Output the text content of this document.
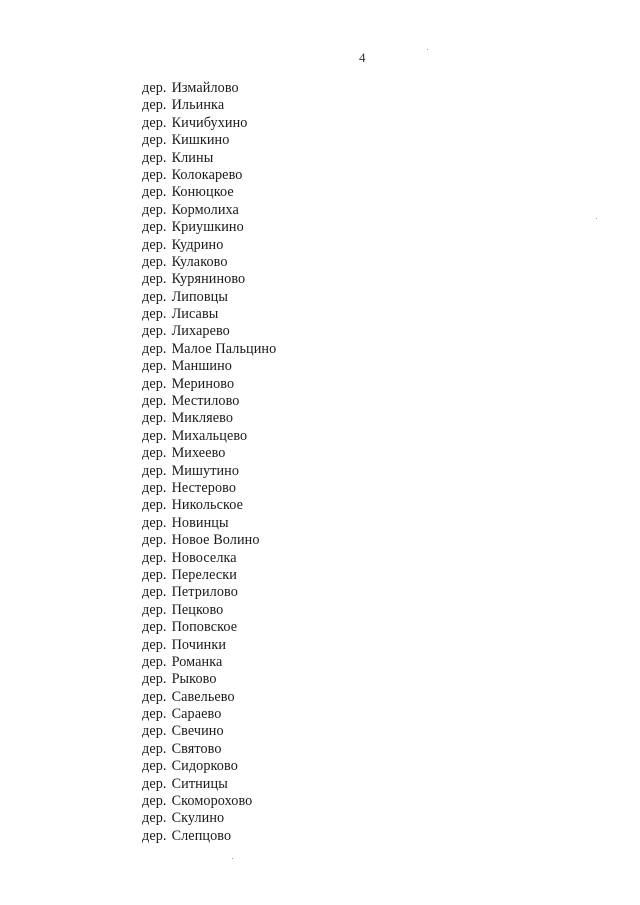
4
дер. Измайлово
дер. Ильинка
дер. Кичибухино
дер. Кишкино
дер. Клины
дер. Колокарево
дер. Конюцкое
дер. Кормолиха
дер. Криушкино
дер. Кудрино
дер. Кулаково
дер. Куряниново
дер. Липовцы
дер. Лисавы
дер. Лихарево
дер. Малое Пальцино
дер. Маншино
дер. Мериново
дер. Местилово
дер. Микляево
дер. Михальцево
дер. Михеево
дер. Мишутино
дер. Нестерово
дер. Никольское
дер. Новинцы
дер. Новое Волино
дер. Новоселка
дер. Перелески
дер. Петрилово
дер. Пецково
дер. Поповское
дер. Починки
дер. Романка
дер. Рыково
дер. Савельево
дер. Сараево
дер. Свечино
дер. Святово
дер. Сидорково
дер. Ситницы
дер. Скоморохово
дер. Скулино
дер. Слепцово
